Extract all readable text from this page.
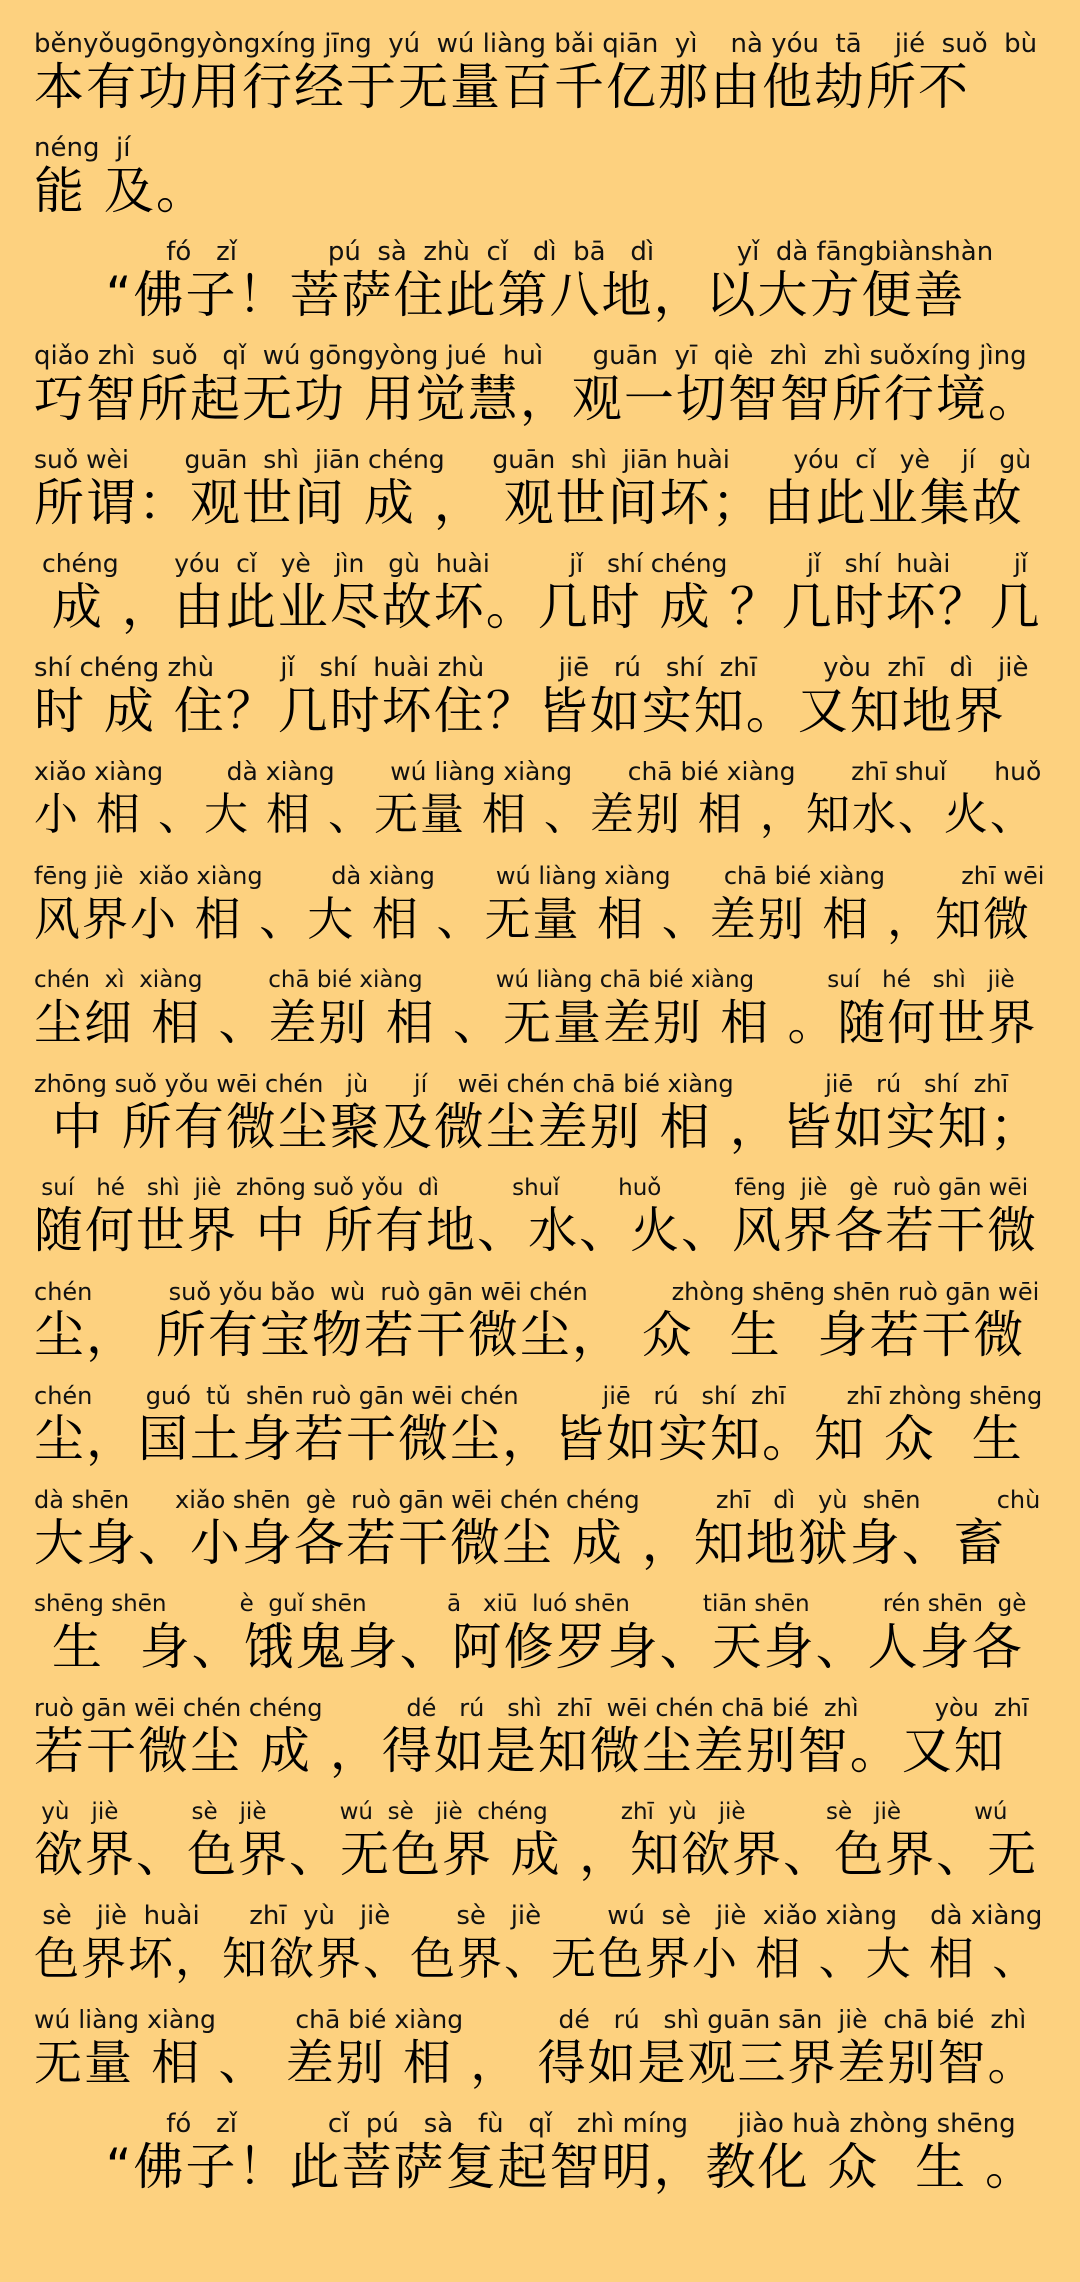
běnyǒugōngyòngxíng jīng  yú  wú liàng bǎi qiān  yì    nà yóu  tā    jié  suǒ  bù
本有功用行经于无量百千亿那由他劫所不
néng  jí
能 及。
fó   zǐ           pú  sà  zhù  cǐ   dì  bā   dì          yǐ  dà fāngbiànshàn
“佛子！菩萨住此第八地，以大方便善
qiǎo zhì  suǒ   qǐ  wú gōngyòng jué  huì      guān  yī  qiè  zhì  zhì suǒxíng jìng
巧智所起无功 用觉慧，观一切智智所行境。
suǒ wèi       guān  shì  jiān chéng      guān  shì  jiān huài        yóu  cǐ   yè    jí   gù
所谓：观世间 成 ， 观世间坏；由此业集故
chéng       yóu  cǐ   yè   jìn   gù  huài          jǐ   shí chéng          jǐ   shí  huài        jǐ
成 ，由此业尽故坏。几时 成 ？几时坏？几
shí chéng zhù        jǐ   shí  huài zhù         jiē   rú   shí  zhī        yòu  zhī   dì   jiè
时 成 住？几时坏住？皆如实知。又知地界
xiǎo xiàng        dà xiàng       wú liàng xiàng       chā bié xiàng       zhī shuǐ      huǒ
小 相 、大 相 、无量 相 、差别 相 ，知水、火、
fēng jiè  xiǎo xiàng         dà xiàng        wú liàng xiàng       chā bié xiàng          zhī wēi
风界小 相 、大 相 、无量 相 、差别 相 ，知微
chén  xì  xiàng         chā bié xiàng          wú liàng chā bié xiàng          suí   hé   shì   jiè
尘细 相 、差别 相 、无量差别 相 。随何世界
zhōng suǒ yǒu wēi chén   jù      jí    wēi chén chā bié xiàng            jiē   rú   shí  zhī
中 所有微尘聚及微尘差别 相 ，皆如实知；
suí   hé   shì  jiè  zhōng suǒ yǒu  dì          shuǐ        huǒ          fēng  jiè   gè  ruò gān wēi
随何世界 中 所有地、水、火、风界各若干微
chén          suǒ yǒu bǎo  wù  ruò gān wēi chén           zhòng shēng shēn ruò gān wēi
尘， 所有宝物若干微尘， 众  生  身若干微
chén       guó  tǔ  shēn ruò gān wēi chén           jiē   rú   shí  zhī        zhī zhòng shēng
尘，国土身若干微尘，皆如实知。知 众  生
dà shēn      xiǎo shēn  gè  ruò gān wēi chén chéng          zhī   dì   yù  shēn          chù
大身、小身各若干微尘 成 ，知地狱身、畜
shēng shēn          è  guǐ shēn           ā   xiū  luó shēn          tiān shēn          rén shēn  gè
生  身、饿鬼身、阿修罗身、天身、人身各
ruò gān wēi chén chéng           dé   rú   shì  zhī  wēi chén chā bié  zhì          yòu  zhī
若干微尘 成 ，得如是知微尘差别智。又知
yù   jiè          sè   jiè          wú  sè   jiè  chéng          zhī  yù   jiè           sè   jiè          wú
欲界、色界、无色界 成 ，知欲界、色界、无
sè   jiè  huài      zhī  yù   jiè        sè   jiè        wú  sè   jiè  xiǎo xiàng    dà xiàng
色界坏，知欲界、色界、无色界小 相 、大 相 、
wú liàng xiàng          chā bié xiàng            dé   rú   shì guān sān  jiè  chā bié  zhì
无量 相 、 差别 相 ， 得如是观三界差别智。
fó   zǐ           cǐ  pú   sà   fù   qǐ   zhì míng      jiào huà zhòng shēng
“佛子！此菩萨复起智明，教化 众  生 。
